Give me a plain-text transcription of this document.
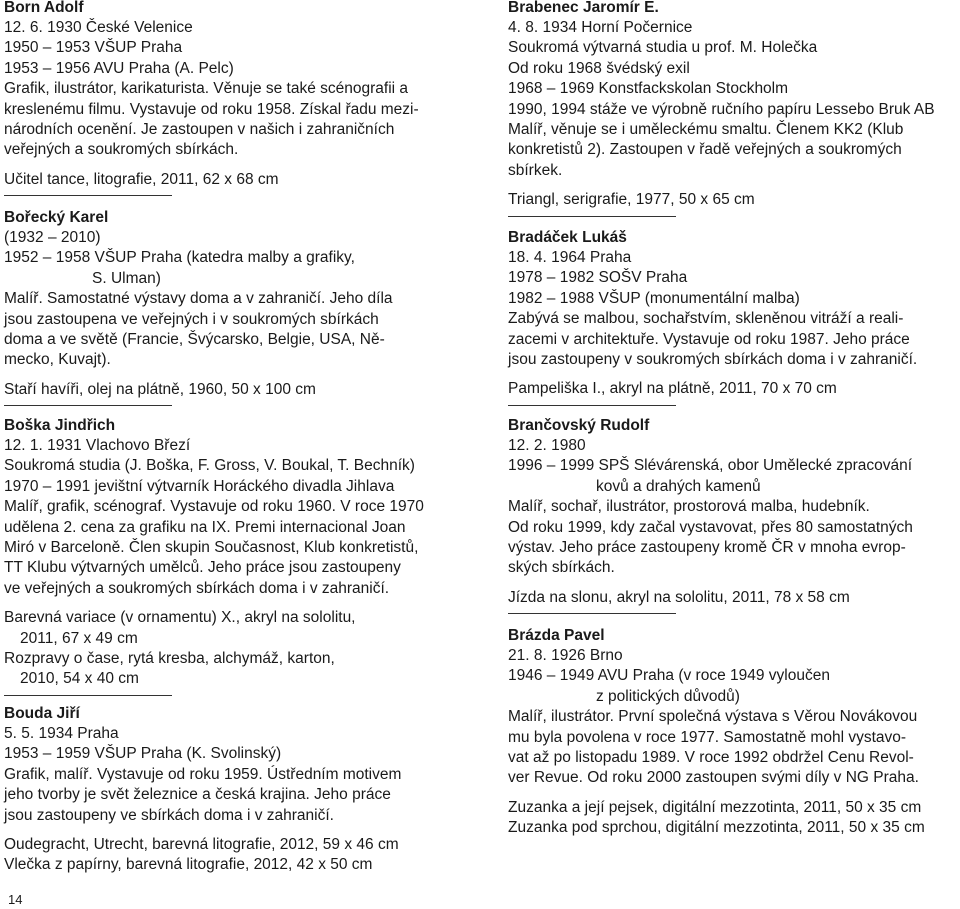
Born Adolf
12. 6. 1930 České Velenice
1950 – 1953 VŠUP Praha
1953 – 1956 AVU Praha (A. Pelc)
Grafik, ilustrátor, karikaturista. Věnuje se také scénografii a
kreslenému filmu. Vystavuje od roku 1958. Získal řadu mezi-
národních ocenění. Je zastoupen v našich i zahraničních
veřejných a soukromých sbírkách.
Učitel tance, litografie, 2011, 62 x 68 cm
Bořecký Karel
(1932 – 2010)
1952 – 1958 VŠUP Praha (katedra malby a grafiky,
S. Ulman)
Malíř. Samostatné výstavy doma a v zahraničí. Jeho díla
jsou zastoupena ve veřejných i v soukromých sbírkách
doma a ve světě (Francie, Švýcarsko, Belgie, USA, Ně-
mecko, Kuvajt).
Staří havíři, olej na plátně, 1960, 50 x 100 cm
Boška Jindřich
12. 1. 1931 Vlachovo Březí
Soukromá studia (J. Boška, F. Gross, V. Boukal, T. Bechník)
1970 – 1991 jevištní výtvarník Horáckého divadla Jihlava
Malíř, grafik, scénograf. Vystavuje od roku 1960. V roce 1970
udělena 2. cena za grafiku na IX. Premi internacional Joan
Miró v Barceloně. Člen skupin Současnost, Klub konkretistů,
TT Klubu výtvarných umělců. Jeho práce jsou zastoupeny
ve veřejných a soukromých sbírkách doma i v zahraničí.
Barevná variace (v ornamentu) X., akryl na sololitu,
2011, 67 x 49 cm
Rozpravy o čase, rytá kresba, alchymáž, karton,
2010, 54 x 40 cm
Bouda Jiří
5. 5. 1934 Praha
1953 – 1959 VŠUP Praha (K. Svolinský)
Grafik, malíř. Vystavuje od roku 1959. Ústředním motivem
jeho tvorby je svět železnice a česká krajina. Jeho práce
jsou zastoupeny ve sbírkách doma i v zahraničí.
Oudegracht, Utrecht, barevná litografie, 2012, 59 x 46 cm
Vlečka z papírny, barevná litografie, 2012, 42 x 50 cm
Brabenec Jaromír E.
4. 8. 1934 Horní Počernice
Soukromá výtvarná studia u prof. M. Holečka
Od roku 1968 švédský exil
1968 – 1969 Konstfackskolan Stockholm
1990, 1994 stáže ve výrobně ručního papíru Lessebo Bruk AB
Malíř, věnuje se i uměleckému smaltu. Členem KK2 (Klub
konkretistů 2). Zastoupen v řadě veřejných a soukromých
sbírkek.
Triangl, serigrafie, 1977, 50 x 65 cm
Bradáček Lukáš
18. 4. 1964 Praha
1978 – 1982 SOŠV Praha
1982 – 1988 VŠUP (monumentální malba)
Zabývá se malbou, sochařstvím, skleněnou vitráží a reali-
zacemi v architektuře. Vystavuje od roku 1987. Jeho práce
jsou zastoupeny v soukromých sbírkách doma i v zahraničí.
Pampeliška I., akryl na plátně, 2011, 70 x 70 cm
Brančovský Rudolf
12. 2. 1980
1996 – 1999 SPŠ Slévárenská, obor Umělecké zpracování
kovů a drahých kamenů
Malíř, sochař, ilustrátor, prostorová malba, hudebník.
Od roku 1999, kdy začal vystavovat, přes 80 samostatných
výstav. Jeho práce zastoupeny kromě ČR v mnoha evrop-
ských sbírkách.
Jízda na slonu, akryl na sololitu, 2011, 78 x 58 cm
Brázda Pavel
21. 8. 1926 Brno
1946 – 1949 AVU Praha (v roce 1949 vyloučen
z politických důvodů)
Malíř, ilustrátor. První společná výstava s Věrou Novákovou
mu byla povolena v roce 1977. Samostatně mohl vystavo-
vat až po listopadu 1989. V roce 1992 obdržel Cenu Revol-
ver Revue. Od roku 2000 zastoupen svými díly v NG Praha.
Zuzanka a její pejsek, digitální mezzotinta, 2011, 50 x 35 cm
Zuzanka pod sprchou, digitální mezzotinta, 2011, 50 x 35 cm
14
